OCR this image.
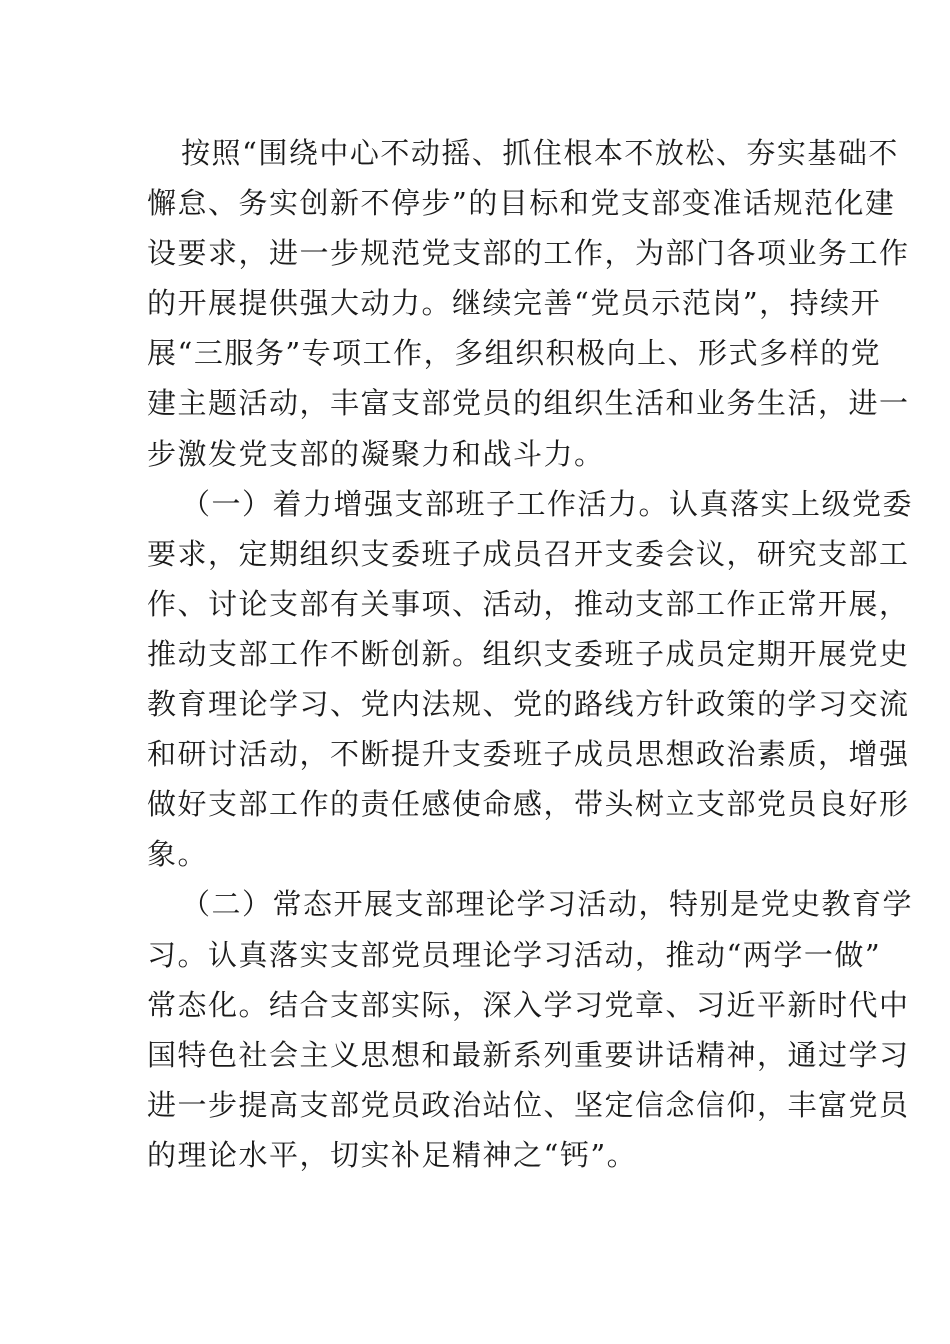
按照“围绕中心不动摇、抓住根本不放松、夯实基础不
懈怠、务实创新不停步”的目标和党支部变准话规范化建
设要求，进一步规范党支部的工作，为部门各项业务工作
的开展提供强大动力。继续完善“党员示范岗”，持续开
展“三服务”专项工作，多组织积极向上、形式多样的党
建主题活动，丰富支部党员的组织生活和业务生活，进一
步激发党支部的凝聚力和战斗力。
（一）着力增强支部班子工作活力。认真落实上级党委
要求，定期组织支委班子成员召开支委会议，研究支部工
作、讨论支部有关事项、活动，推动支部工作正常开展，
推动支部工作不断创新。组织支委班子成员定期开展党史
教育理论学习、党内法规、党的路线方针政策的学习交流
和研讨活动，不断提升支委班子成员思想政治素质，增强
做好支部工作的责任感使命感，带头树立支部党员良好形
象。
（二）常态开展支部理论学习活动，特别是党史教育学
习。认真落实支部党员理论学习活动，推动“两学一做”
常态化。结合支部实际，深入学习党章、习近平新时代中
国特色社会主义思想和最新系列重要讲话精神，通过学习
进一步提高支部党员政治站位、坚定信念信仰，丰富党员
的理论水平，切实补足精神之“钙”。
